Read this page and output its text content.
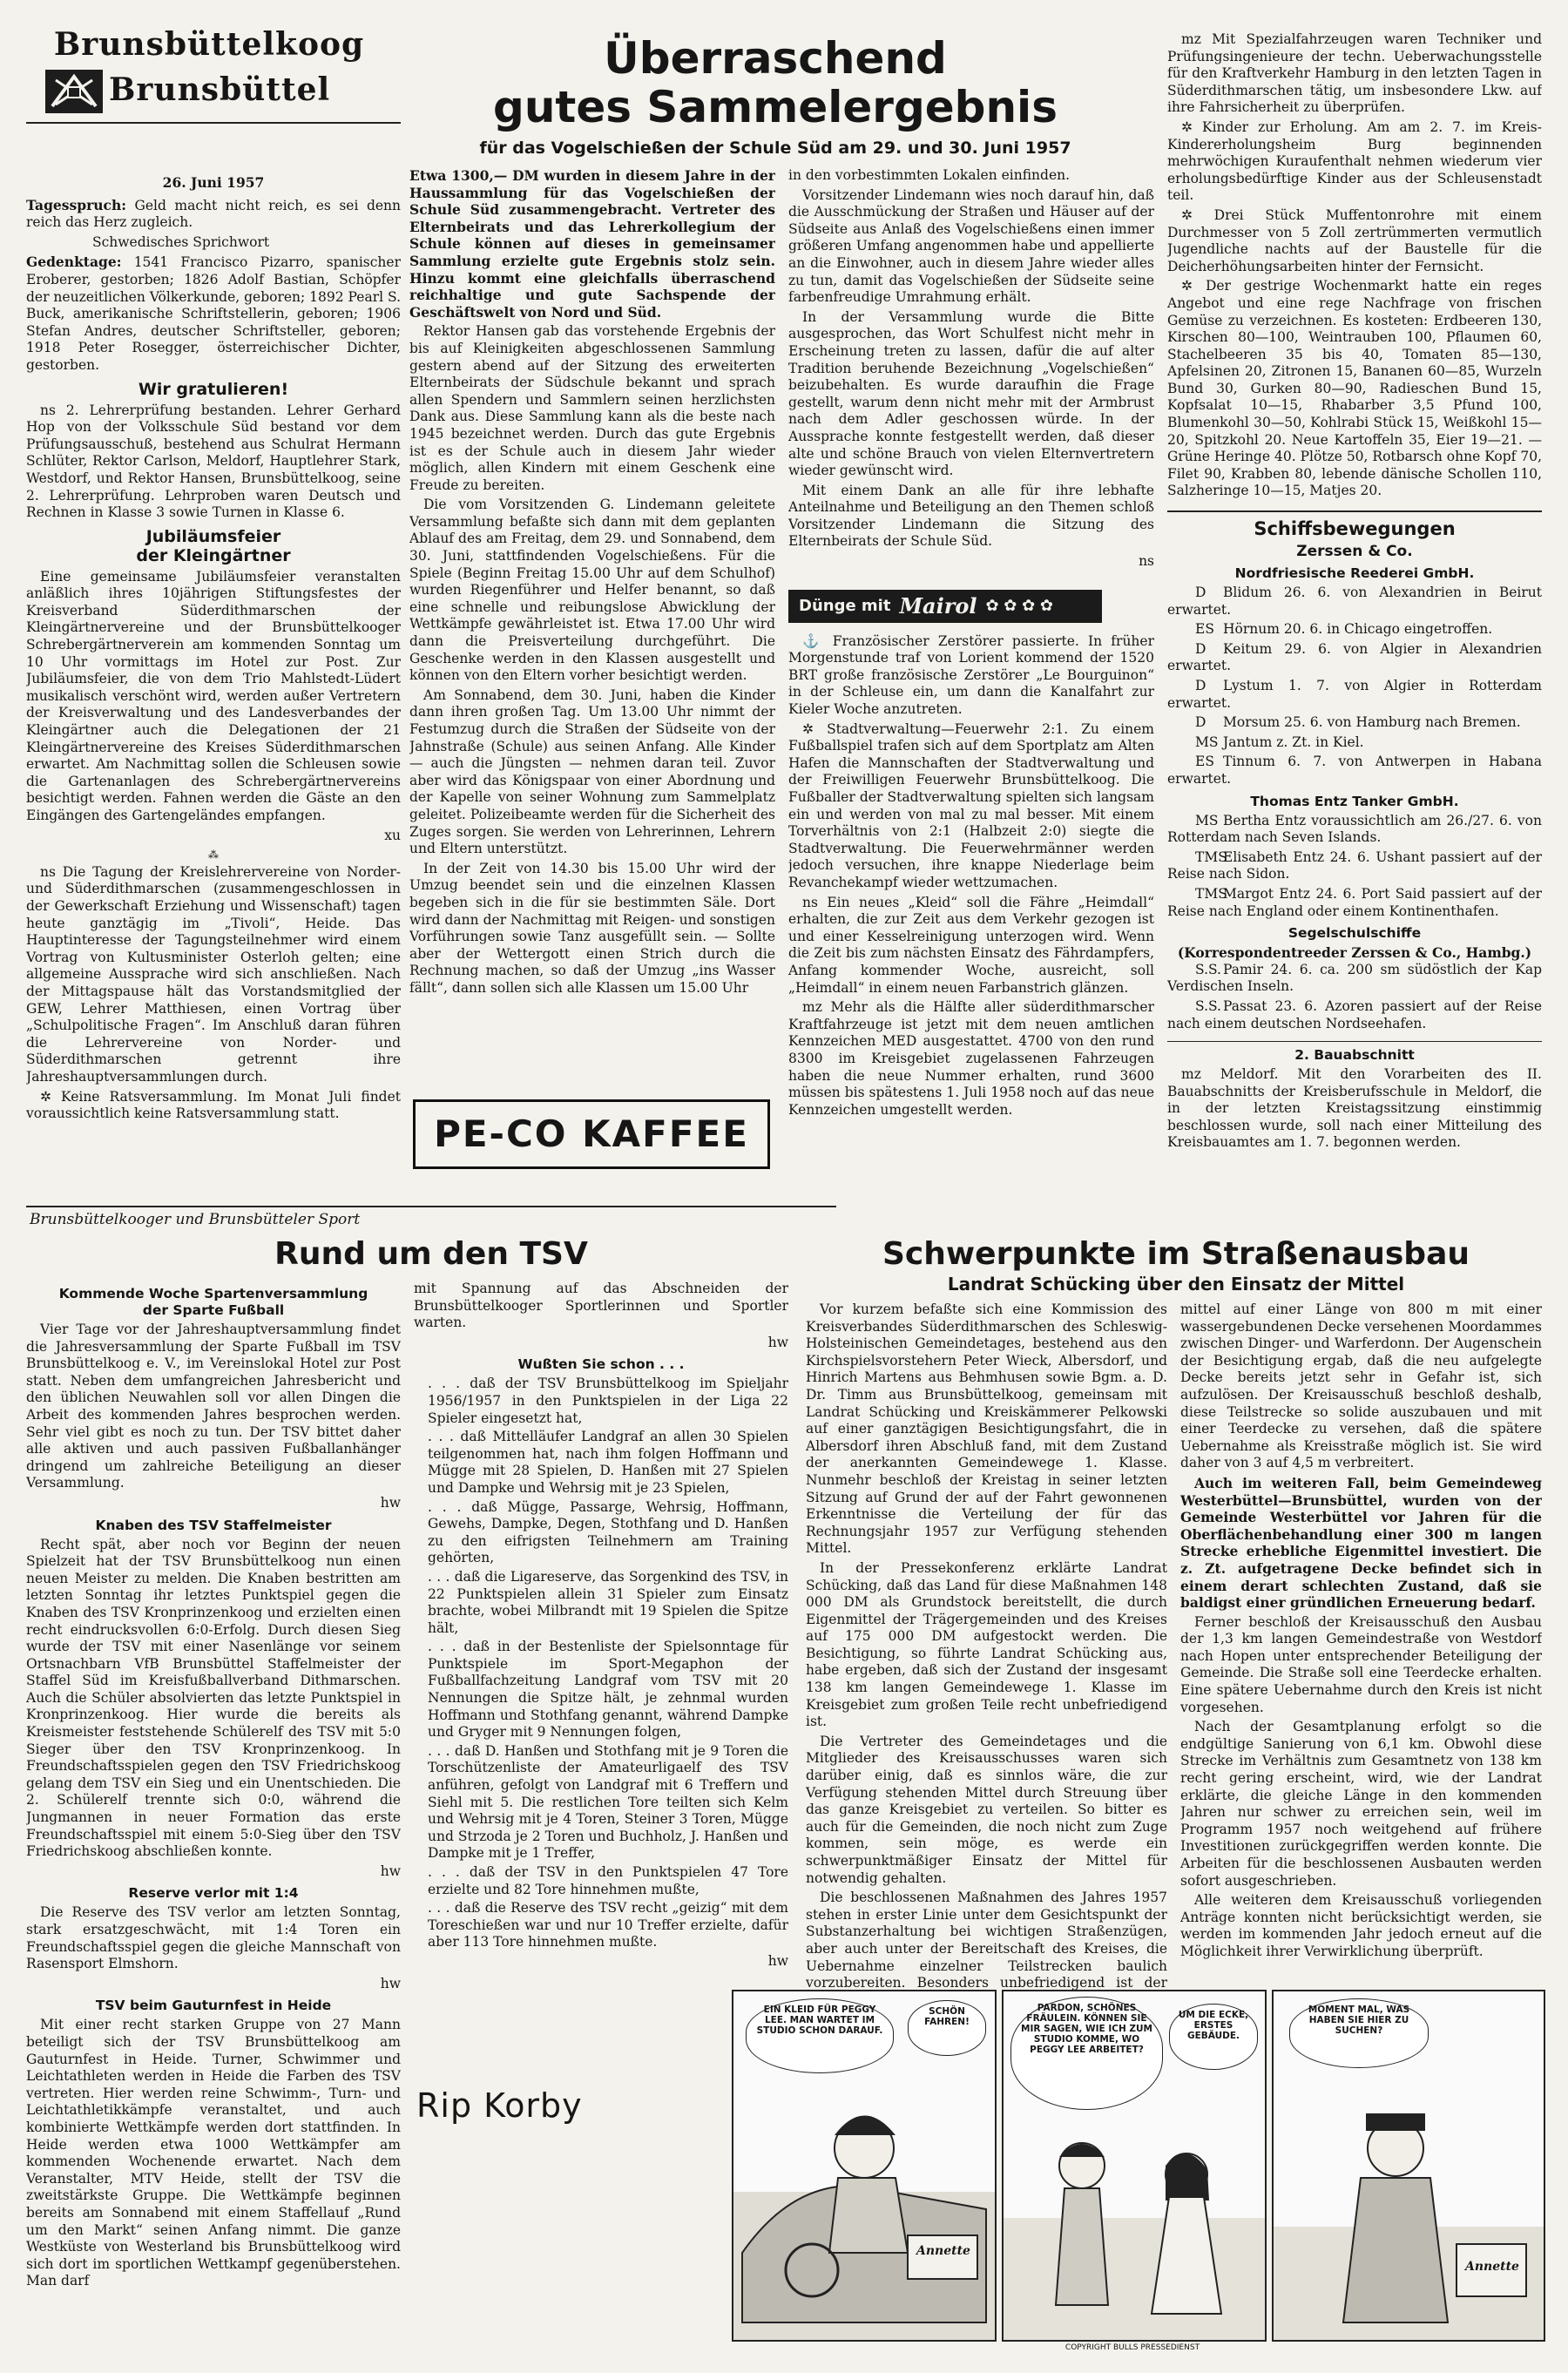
Brunsbüttelkoog
Brunsbüttel
26. Juni 1957

Tagesspruch: Geld macht nicht reich, es sei denn reich das Herz zugleich.

Schwedisches Sprichwort

Gedenktage: 1541 Francisco Pizarro, spanischer Eroberer, gestorben; 1826 Adolf Bastian, Schöpfer der neuzeitlichen Völkerkunde, geboren; 1892 Pearl S. Buck, amerikanische Schriftstellerin, geboren; 1906 Stefan Andres, deutscher Schriftsteller, geboren; 1918 Peter Rosegger, österreichischer Dichter, gestorben.

Wir gratulieren!

ns 2. Lehrerprüfung bestanden. Lehrer Gerhard Hop von der Volksschule Süd bestand vor dem Prüfungsausschuß, bestehend aus Schulrat Hermann Schlüter, Rektor Carlson, Meldorf, Hauptlehrer Stark, Westdorf, und Rektor Hansen, Brunsbüttelkoog, seine 2. Lehrerprüfung. Lehrproben waren Deutsch und Rechnen in Klasse 3 sowie Turnen in Klasse 6.

Jubiläumsfeier
der Kleingärtner

Eine gemeinsame Jubiläumsfeier veranstalten anläßlich ihres 10jährigen Stiftungsfestes der Kreisverband Süderdithmarschen der Kleingärtnervereine und der Brunsbüttelkooger Schrebergärtnerverein am kommenden Sonntag um 10 Uhr vormittags im Hotel zur Post. Zur Jubiläumsfeier, die von dem Trio Mahlstedt-Lüdert musikalisch verschönt wird, werden außer Vertretern der Kreisverwaltung und des Landesverbandes der Kleingärtner auch die Delegationen der 21 Kleingärtnervereine des Kreises Süderdithmarschen erwartet. Am Nachmittag sollen die Schleusen sowie die Gartenanlagen des Schrebergärtnervereins besichtigt werden. Fahnen werden die Gäste an den Eingängen des Gartengeländes empfangen.

xu

⁂

ns Die Tagung der Kreislehrervereine von Norder- und Süderdithmarschen (zusammengeschlossen in der Gewerkschaft Erziehung und Wissenschaft) tagen heute ganztägig im „Tivoli“, Heide. Das Hauptinteresse der Tagungsteilnehmer wird einem Vortrag von Kultusminister Osterloh gelten; eine allgemeine Aussprache wird sich anschließen. Nach der Mittagspause hält das Vorstandsmitglied der GEW, Lehrer Matthiesen, einen Vortrag über „Schulpolitische Fragen“. Im Anschluß daran führen die Lehrervereine von Norder- und Süderdithmarschen getrennt ihre Jahreshauptversammlungen durch.

✲ Keine Ratsversammlung. Im Monat Juli findet voraussichtlich keine Ratsversammlung statt.

Überraschend
gutes Sammelergebnis
für das Vogelschießen der Schule Süd am 29. und 30. Juni 1957

Etwa 1300,— DM wurden in diesem Jahre in der Haussammlung für das Vogelschießen der Schule Süd zusammengebracht. Vertreter des Elternbeirats und das Lehrerkollegium der Schule können auf dieses in gemeinsamer Sammlung erzielte gute Ergebnis stolz sein. Hinzu kommt eine gleichfalls überraschend reichhaltige und gute Sachspende der Geschäftswelt von Nord und Süd.

Rektor Hansen gab das vorstehende Ergebnis der bis auf Kleinigkeiten abgeschlossenen Sammlung gestern abend auf der Sitzung des erweiterten Elternbeirats der Südschule bekannt und sprach allen Spendern und Sammlern seinen herzlichsten Dank aus. Diese Sammlung kann als die beste nach 1945 bezeichnet werden. Durch das gute Ergebnis ist es der Schule auch in diesem Jahr wieder möglich, allen Kindern mit einem Geschenk eine Freude zu bereiten.

Die vom Vorsitzenden G. Lindemann geleitete Versammlung befaßte sich dann mit dem geplanten Ablauf des am Freitag, dem 29. und Sonnabend, dem 30. Juni, stattfindenden Vogelschießens. Für die Spiele (Beginn Freitag 15.00 Uhr auf dem Schulhof) wurden Riegenführer und Helfer benannt, so daß eine schnelle und reibungslose Abwicklung der Wettkämpfe gewährleistet ist. Etwa 17.00 Uhr wird dann die Preisverteilung durchgeführt. Die Geschenke werden in den Klassen ausgestellt und können von den Eltern vorher besichtigt werden.

Am Sonnabend, dem 30. Juni, haben die Kinder dann ihren großen Tag. Um 13.00 Uhr nimmt der Festumzug durch die Straßen der Südseite von der Jahnstraße (Schule) aus seinen Anfang. Alle Kinder — auch die Jüngsten — nehmen daran teil. Zuvor aber wird das Königspaar von einer Abordnung und der Kapelle von seiner Wohnung zum Sammelplatz geleitet. Polizeibeamte werden für die Sicherheit des Zuges sorgen. Sie werden von Lehrerinnen, Lehrern und Eltern unterstützt.

In der Zeit von 14.30 bis 15.00 Uhr wird der Umzug beendet sein und die einzelnen Klassen begeben sich in die für sie bestimmten Säle. Dort wird dann der Nachmittag mit Reigen- und sonstigen Vorführungen sowie Tanz ausgefüllt sein. — Sollte aber der Wettergott einen Strich durch die Rechnung machen, so daß der Umzug „ins Wasser fällt“, dann sollen sich alle Klassen um 15.00 Uhr

PE-CO KAFFEE

in den vorbestimmten Lokalen einfinden.

Vorsitzender Lindemann wies noch darauf hin, daß die Ausschmückung der Straßen und Häuser auf der Südseite aus Anlaß des Vogelschießens einen immer größeren Umfang angenommen habe und appellierte an die Einwohner, auch in diesem Jahre wieder alles zu tun, damit das Vogelschießen der Südseite seine farbenfreudige Umrahmung erhält.

In der Versammlung wurde die Bitte ausgesprochen, das Wort Schulfest nicht mehr in Erscheinung treten zu lassen, dafür die auf alter Tradition beruhende Bezeichnung „Vogelschießen“ beizubehalten. Es wurde daraufhin die Frage gestellt, warum denn nicht mehr mit der Armbrust nach dem Adler geschossen würde. In der Aussprache konnte festgestellt werden, daß dieser alte und schöne Brauch von vielen Elternvertretern wieder gewünscht wird.

Mit einem Dank an alle für ihre lebhafte Anteilnahme und Beteiligung an den Themen schloß Vorsitzender Lindemann die Sitzung des Elternbeirats der Schule Süd.

ns

Dünge mit Mairol ✿ ✿ ✿ ✿

⚓ Französischer Zerstörer passierte. In früher Morgenstunde traf von Lorient kommend der 1520 BRT große französische Zerstörer „Le Bourguinon“ in der Schleuse ein, um dann die Kanalfahrt zur Kieler Woche anzutreten.

✲ Stadtverwaltung—Feuerwehr 2:1. Zu einem Fußballspiel trafen sich auf dem Sportplatz am Alten Hafen die Mannschaften der Stadtverwaltung und der Freiwilligen Feuerwehr Brunsbüttelkoog. Die Fußballer der Stadtverwaltung spielten sich langsam ein und werden von mal zu mal besser. Mit einem Torverhältnis von 2:1 (Halbzeit 2:0) siegte die Stadtverwaltung. Die Feuerwehrmänner werden jedoch versuchen, ihre knappe Niederlage beim Revanchekampf wieder wettzumachen.

ns Ein neues „Kleid“ soll die Fähre „Heimdall“ erhalten, die zur Zeit aus dem Verkehr gezogen ist und einer Kesselreinigung unterzogen wird. Wenn die Zeit bis zum nächsten Einsatz des Fährdampfers, Anfang kommender Woche, ausreicht, soll „Heimdall“ in einem neuen Farbanstrich glänzen.

mz Mehr als die Hälfte aller süderdithmarscher Kraftfahrzeuge ist jetzt mit dem neuen amtlichen Kennzeichen MED ausgestattet. 4700 von den rund 8300 im Kreisgebiet zugelassenen Fahrzeugen haben die neue Nummer erhalten, rund 3600 müssen bis spätestens 1. Juli 1958 noch auf das neue Kennzeichen umgestellt werden.

mz Mit Spezialfahrzeugen waren Techniker und Prüfungsingenieure der techn. Ueberwachungsstelle für den Kraftverkehr Hamburg in den letzten Tagen in Süderdithmarschen tätig, um insbesondere Lkw. auf ihre Fahrsicherheit zu überprüfen.

✲ Kinder zur Erholung. Am am 2. 7. im Kreis-Kindererholungsheim Burg beginnenden mehrwöchigen Kuraufenthalt nehmen wiederum vier erholungsbedürftige Kinder aus der Schleusenstadt teil.

✲ Drei Stück Muffentonrohre mit einem Durchmesser von 5 Zoll zertrümmerten vermutlich Jugendliche nachts auf der Baustelle für die Deicherhöhungsarbeiten hinter der Fernsicht.

✲ Der gestrige Wochenmarkt hatte ein reges Angebot und eine rege Nachfrage von frischen Gemüse zu verzeichnen. Es kosteten: Erdbeeren 130, Kirschen 80—100, Weintrauben 100, Pflaumen 60, Stachelbeeren 35 bis 40, Tomaten 85—130, Apfelsinen 20, Zitronen 15, Bananen 60—85, Wurzeln Bund 30, Gurken 80—90, Radieschen Bund 15, Kopfsalat 10—15, Rhabarber 3,5 Pfund 100, Blumenkohl 30—50, Kohlrabi Stück 15, Weißkohl 15—20, Spitzkohl 20. Neue Kartoffeln 35, Eier 19—21. — Grüne Heringe 40. Plötze 50, Rotbarsch ohne Kopf 70, Filet 90, Krabben 80, lebende dänische Schollen 110, Salzheringe 10—15, Matjes 20.

Schiffsbewegungen
Zerssen & Co.
Nordfriesische Reederei GmbH.

D Blidum 26. 6. von Alexandrien in Beirut erwartet.

ES Hörnum 20. 6. in Chicago eingetroffen.

D Keitum 29. 6. von Algier in Alexandrien erwartet.

D Lystum 1. 7. von Algier in Rotterdam erwartet.

D Morsum 25. 6. von Hamburg nach Bremen.

MS Jantum z. Zt. in Kiel.

ES Tinnum 6. 7. von Antwerpen in Habana erwartet.

Thomas Entz Tanker GmbH.

MS Bertha Entz voraussichtlich am 26./27. 6. von Rotterdam nach Seven Islands.

TMSElisabeth Entz 24. 6. Ushant passiert auf der Reise nach Sidon.

TMSMargot Entz 24. 6. Port Said passiert auf der Reise nach England oder einem Kontinenthafen.

Segelschulschiffe
(Korrespondentreeder Zerssen & Co., Hambg.)

S.S. Pamir 24. 6. ca. 200 sm südöstlich der Kap Verdischen Inseln.

S.S. Passat 23. 6. Azoren passiert auf der Reise nach einem deutschen Nordseehafen.

2. Bauabschnitt

mz Meldorf. Mit den Vorarbeiten des II. Bauabschnitts der Kreisberufsschule in Meldorf, die in der letzten Kreistagssitzung einstimmig beschlossen wurde, soll nach einer Mitteilung des Kreisbauamtes am 1. 7. begonnen werden.

Brunsbüttelkooger und Brunsbütteler Sport
Rund um den TSV
Kommende Woche Spartenversammlung
der Sparte Fußball

Vier Tage vor der Jahreshauptversammlung findet die Jahresversammlung der Sparte Fußball im TSV Brunsbüttelkoog e. V., im Vereinslokal Hotel zur Post statt. Neben dem umfangreichen Jahresbericht und den üblichen Neuwahlen soll vor allen Dingen die Arbeit des kommenden Jahres besprochen werden. Sehr viel gibt es noch zu tun. Der TSV bittet daher alle aktiven und auch passiven Fußballanhänger dringend um zahlreiche Beteiligung an dieser Versammlung.

hw

Knaben des TSV Staffelmeister

Recht spät, aber noch vor Beginn der neuen Spielzeit hat der TSV Brunsbüttelkoog nun einen neuen Meister zu melden. Die Knaben bestritten am letzten Sonntag ihr letztes Punktspiel gegen die Knaben des TSV Kronprinzenkoog und erzielten einen recht eindrucksvollen 6:0-Erfolg. Durch diesen Sieg wurde der TSV mit einer Nasenlänge vor seinem Ortsnachbarn VfB Brunsbüttel Staffelmeister der Staffel Süd im Kreisfußballverband Dithmarschen. Auch die Schüler absolvierten das letzte Punktspiel in Kronprinzenkoog. Hier wurde die bereits als Kreismeister feststehende Schülerelf des TSV mit 5:0 Sieger über den TSV Kronprinzenkoog. In Freundschaftsspielen gegen den TSV Friedrichskoog gelang dem TSV ein Sieg und ein Unentschieden. Die 2. Schülerelf trennte sich 0:0, während die Jungmannen in neuer Formation das erste Freundschaftsspiel mit einem 5:0-Sieg über den TSV Friedrichskoog abschließen konnte.

hw

Reserve verlor mit 1:4

Die Reserve des TSV verlor am letzten Sonntag, stark ersatzgeschwächt, mit 1:4 Toren ein Freundschaftsspiel gegen die gleiche Mannschaft von Rasensport Elmshorn.

hw

TSV beim Gauturnfest in Heide

Mit einer recht starken Gruppe von 27 Mann beteiligt sich der TSV Brunsbüttelkoog am Gauturnfest in Heide. Turner, Schwimmer und Leichtathleten werden in Heide die Farben des TSV vertreten. Hier werden reine Schwimm-, Turn- und Leichtathletikkämpfe veranstaltet, und auch kombinierte Wettkämpfe werden dort stattfinden. In Heide werden etwa 1000 Wettkämpfer am kommenden Wochenende erwartet. Nach dem Veranstalter, MTV Heide, stellt der TSV die zweitstärkste Gruppe. Die Wettkämpfe beginnen bereits am Sonnabend mit einem Staffellauf „Rund um den Markt“ seinen Anfang nimmt. Die ganze Westküste von Westerland bis Brunsbüttelkoog wird sich dort im sportlichen Wettkampf gegenüberstehen. Man darf

mit Spannung auf das Abschneiden der Brunsbüttelkooger Sportlerinnen und Sportler warten.

hw

Wußten Sie schon . . .

. . . daß der TSV Brunsbüttelkoog im Spieljahr 1956/1957 in den Punktspielen in der Liga 22 Spieler eingesetzt hat,

. . . daß Mittelläufer Landgraf an allen 30 Spielen teilgenommen hat, nach ihm folgen Hoffmann und Mügge mit 28 Spielen, D. Hanßen mit 27 Spielen und Dampke und Wehrsig mit je 23 Spielen,

. . . daß Mügge, Passarge, Wehrsig, Hoffmann, Gewehs, Dampke, Degen, Stothfang und D. Hanßen zu den eifrigsten Teilnehmern am Training gehörten,

. . . daß die Ligareserve, das Sorgenkind des TSV, in 22 Punktspielen allein 31 Spieler zum Einsatz brachte, wobei Milbrandt mit 19 Spielen die Spitze hält,

. . . daß in der Bestenliste der Spielsonntage für Punktspiele im Sport-Megaphon der Fußballfachzeitung Landgraf vom TSV mit 20 Nennungen die Spitze hält, je zehnmal wurden Hoffmann und Stothfang genannt, während Dampke und Gryger mit 9 Nennungen folgen,

. . . daß D. Hanßen und Stothfang mit je 9 Toren die Torschützenliste der Amateurligaelf des TSV anführen, gefolgt von Landgraf mit 6 Treffern und Siehl mit 5. Die restlichen Tore teilten sich Kelm und Wehrsig mit je 4 Toren, Steiner 3 Toren, Mügge und Strzoda je 2 Toren und Buchholz, J. Hanßen und Dampke mit je 1 Treffer,

. . . daß der TSV in den Punktspielen 47 Tore erzielte und 82 Tore hinnehmen mußte,

. . . daß die Reserve des TSV recht „geizig“ mit dem Toreschießen war und nur 10 Treffer erzielte, dafür aber 113 Tore hinnehmen mußte.

hw

Schwerpunkte im Straßenausbau
Landrat Schücking über den Einsatz der Mittel

Vor kurzem befaßte sich eine Kommission des Kreisverbandes Süderdithmarschen des Schleswig-Holsteinischen Gemeindetages, bestehend aus den Kirchspielsvorstehern Peter Wieck, Albersdorf, und Hinrich Martens aus Behmhusen sowie Bgm. a. D. Dr. Timm aus Brunsbüttelkoog, gemeinsam mit Landrat Schücking und Kreiskämmerer Pelkowski auf einer ganztägigen Besichtigungsfahrt, die in Albersdorf ihren Abschluß fand, mit dem Zustand der anerkannten Gemeindewege 1. Klasse. Nunmehr beschloß der Kreistag in seiner letzten Sitzung auf Grund der auf der Fahrt gewonnenen Erkenntnisse die Verteilung der für das Rechnungsjahr 1957 zur Verfügung stehenden Mittel.

In der Pressekonferenz erklärte Landrat Schücking, daß das Land für diese Maßnahmen 148 000 DM als Grundstock bereitstellt, die durch Eigenmittel der Trägergemeinden und des Kreises auf 175 000 DM aufgestockt werden. Die Besichtigung, so führte Landrat Schücking aus, habe ergeben, daß sich der Zustand der insgesamt 138 km langen Gemeindewege 1. Klasse im Kreisgebiet zum großen Teile recht unbefriedigend ist.

Die Vertreter des Gemeindetages und die Mitglieder des Kreisausschusses waren sich darüber einig, daß es sinnlos wäre, die zur Verfügung stehenden Mittel durch Streuung über das ganze Kreisgebiet zu verteilen. So bitter es auch für die Gemeinden, die noch nicht zum Zuge kommen, sein möge, es werde ein schwerpunktmäßiger Einsatz der Mittel für notwendig gehalten.

Die beschlossenen Maßnahmen des Jahres 1957 stehen in erster Linie unter dem Gesichtspunkt der Substanzerhaltung bei wichtigen Straßenzügen, aber auch unter der Bereitschaft des Kreises, die Uebernahme einzelner Teilstrecken baulich vorzubereiten. Besonders unbefriedigend ist der

mittel auf einer Länge von 800 m mit einer wassergebundenen Decke versehenen Moordammes zwischen Dinger- und Warferdonn. Der Augenschein der Besichtigung ergab, daß die neu aufgelegte Decke bereits jetzt sehr in Gefahr ist, sich aufzulösen. Der Kreisausschuß beschloß deshalb, diese Teilstrecke so solide auszubauen und mit einer Teerdecke zu versehen, daß die spätere Uebernahme als Kreisstraße möglich ist. Sie wird daher von 3 auf 4,5 m verbreitert.

Auch im weiteren Fall, beim Gemeindeweg Westerbüttel—Brunsbüttel, wurden von der Gemeinde Westerbüttel vor Jahren für die Oberflächenbehandlung einer 300 m langen Strecke erhebliche Eigenmittel investiert. Die z. Zt. aufgetragene Decke befindet sich in einem derart schlechten Zustand, daß sie baldigst einer gründlichen Erneuerung bedarf.

Ferner beschloß der Kreisausschuß den Ausbau der 1,3 km langen Gemeindestraße von Westdorf nach Hopen unter entsprechender Beteiligung der Gemeinde. Die Straße soll eine Teerdecke erhalten. Eine spätere Uebernahme durch den Kreis ist nicht vorgesehen.

Nach der Gesamtplanung erfolgt so die endgültige Sanierung von 6,1 km. Obwohl diese Strecke im Verhältnis zum Gesamtnetz von 138 km recht gering erscheint, wird, wie der Landrat erklärte, die gleiche Länge in den kommenden Jahren nur schwer zu erreichen sein, weil im Programm 1957 noch weitgehend auf frühere Investitionen zurückgegriffen werden konnte. Die Arbeiten für die beschlossenen Ausbauten werden sofort ausgeschrieben.

Alle weiteren dem Kreisausschuß vorliegenden Anträge konnten nicht berücksichtigt werden, sie werden im kommenden Jahr jedoch erneut auf die Möglichkeit ihrer Verwirklichung überprüft.

Rip Korby
Annette
EIN KLEID FÜR PEGGY LEE. MAN WARTET IM STUDIO SCHON DARAUF.
SCHÖN FAHREN!
PARDON, SCHÖNES FRÄULEIN. KÖNNEN SIE MIR SAGEN, WIE ICH ZUM STUDIO KOMME, WO PEGGY LEE ARBEITET?
UM DIE ECKE, ERSTES GEBÄUDE.
Annette
MOMENT MAL, WAS HABEN SIE HIER ZU SUCHEN?
COPYRIGHT BULLS PRESSEDIENST
